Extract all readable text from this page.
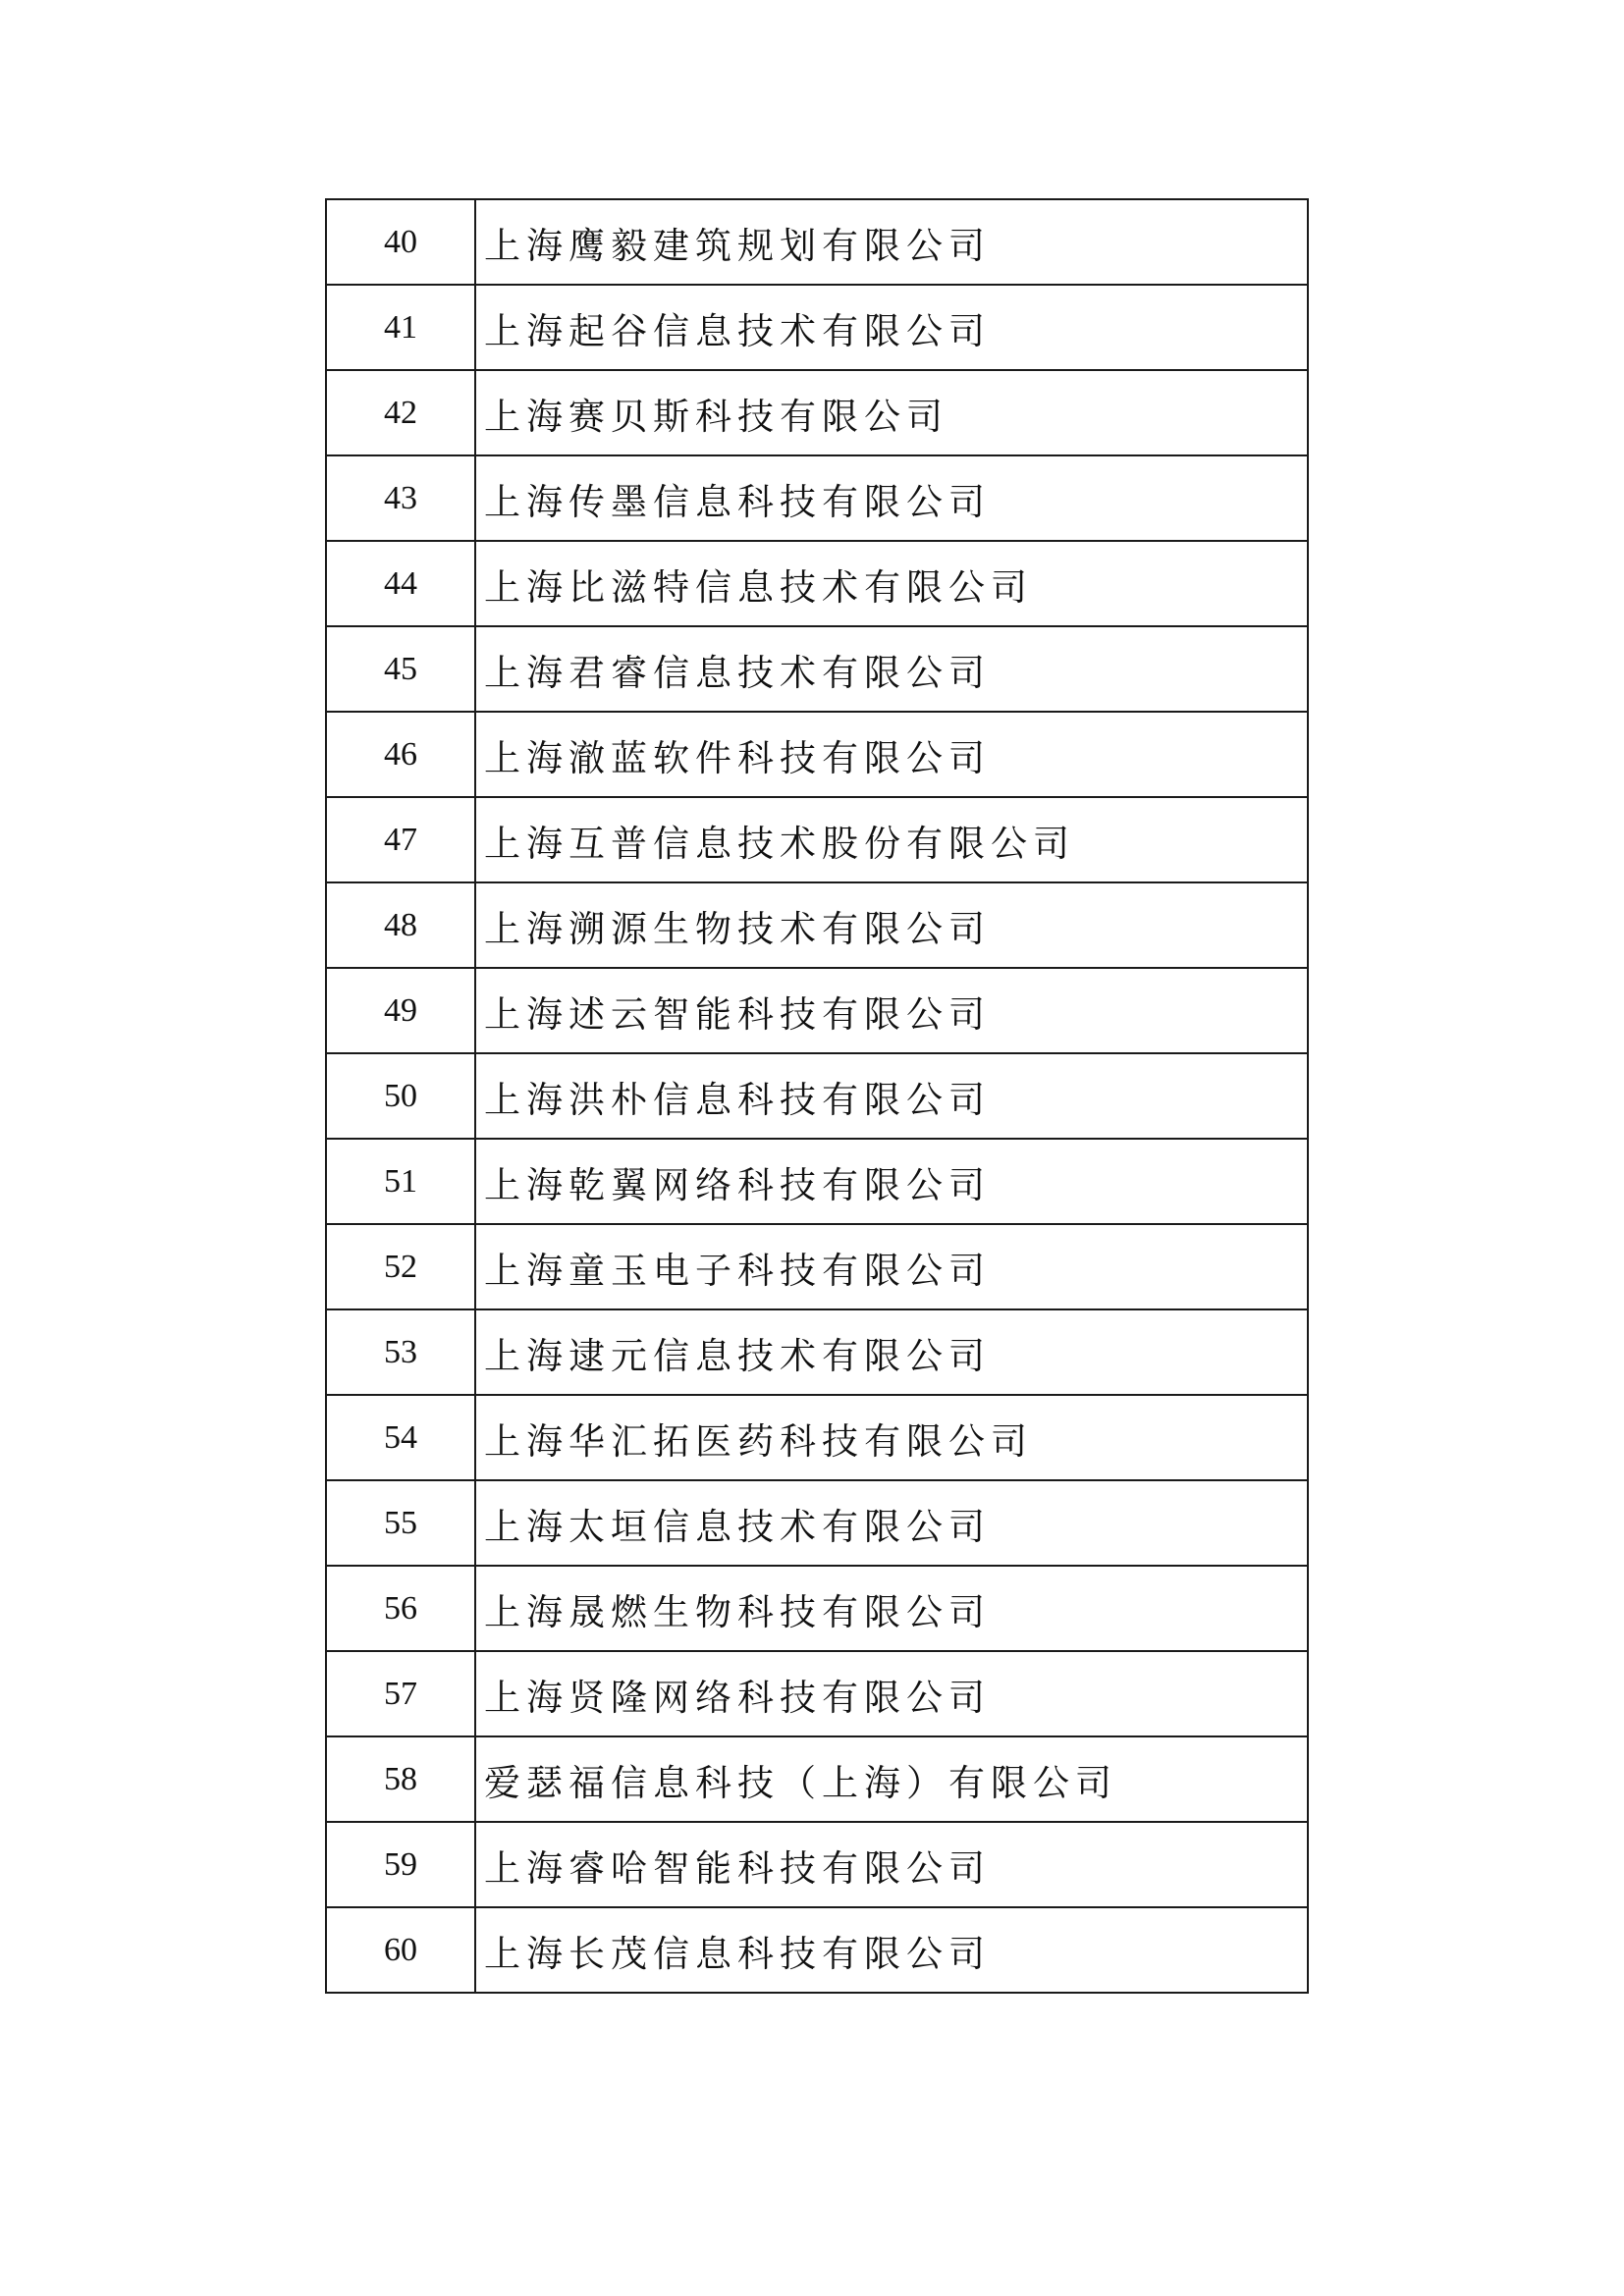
40	上海鹰毅建筑规划有限公司
41	上海起谷信息技术有限公司
42	上海赛贝斯科技有限公司
43	上海传墨信息科技有限公司
44	上海比滋特信息技术有限公司
45	上海君睿信息技术有限公司
46	上海澈蓝软件科技有限公司
47	上海互普信息技术股份有限公司
48	上海溯源生物技术有限公司
49	上海述云智能科技有限公司
50	上海洪朴信息科技有限公司
51	上海乾翼网络科技有限公司
52	上海童玉电子科技有限公司
53	上海逮元信息技术有限公司
54	上海华汇拓医药科技有限公司
55	上海太垣信息技术有限公司
56	上海晟燃生物科技有限公司
57	上海贤隆网络科技有限公司
58	爱瑟福信息科技（上海）有限公司
59	上海睿哈智能科技有限公司
60	上海长茂信息科技有限公司
